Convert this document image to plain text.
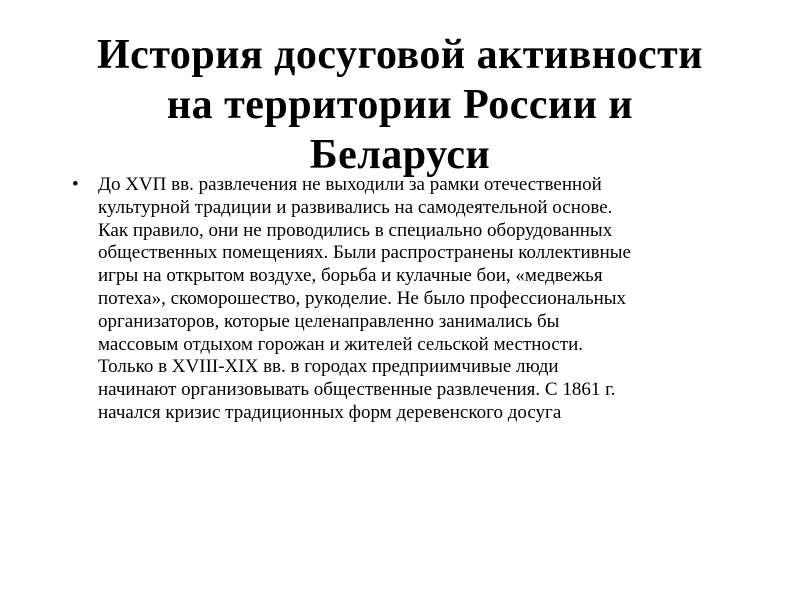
История досуговой активности
на территории России и
Беларуси
• До XVП вв. развлечения не выходили за рамки отечественной
культурной традиции и развивались на самодеятельной основе.
Как правило, они не проводились в специально оборудованных
общественных помещениях. Были распространены коллективные
игры на открытом воздухе, борьба и кулачные бои, «медвежья
потеха», скоморошество, рукоделие. Не было профессиональных
организаторов, которые целенаправленно занимались бы
массовым отдыхом горожан и жителей сельской местности.
Только в XVIII-XIX вв. в городах предприимчивые люди
начинают организовывать общественные развлечения. С 1861 г.
начался кризис традиционных форм деревенского досуга
